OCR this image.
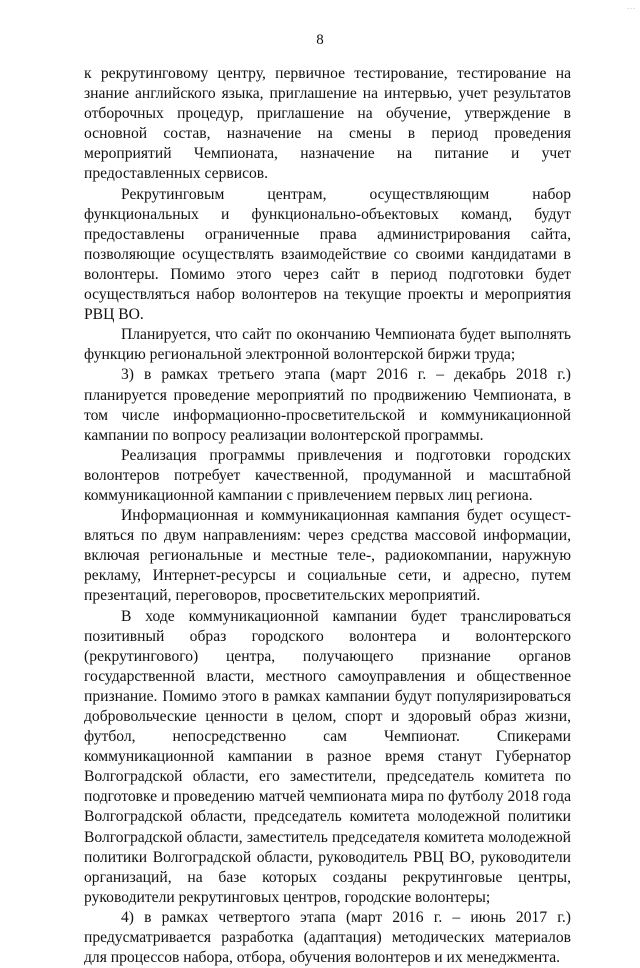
...
8

к рекрутинговому центру, первичное тестирование, тестирование на знание английского языка, приглашение на интервью, учет результатов отборочных процедур, приглашение на обучение, утверждение в основной состав, назначение на смены в период проведения мероприятий Чемпионата, назначение на питание и учет предоставленных сервисов.

Рекрутинговым центрам, осуществляющим набор функциональных и функционально-объектовых команд, будут предоставлены ограниченные права администрирования сайта, позволяющие осуществлять взаимодействие со своими кандидатами в волонтеры. Помимо этого через сайт в период подготовки будет осуществляться набор волонтеров на текущие проекты и мероприятия РВЦ ВО.

Планируется, что сайт по окончанию Чемпионата будет выполнять функцию региональной электронной волонтерской биржи труда;

3) в рамках третьего этапа (март 2016 г. – декабрь 2018 г.) планируется проведение мероприятий по продвижению Чемпионата, в том числе информационно-просветительской и коммуникационной кампании по вопросу реализации волонтерской программы.

Реализация программы привлечения и подготовки городских волонтеров потребует качественной, продуманной и масштабной коммуникационной кампании с привлечением первых лиц региона.

Информационная и коммуникационная кампания будет осуществляться по двум направлениям: через средства массовой информации, включая региональные и местные теле-, радиокомпании, наружную рекламу, Интернет-ресурсы и социальные сети, и адресно, путем презентаций, переговоров, просветительских мероприятий.

В ходе коммуникационной кампании будет транслироваться позитивный образ городского волонтера и волонтерского (рекрутингового) центра, получающего признание органов государственной власти, местного самоуправления и общественное признание. Помимо этого в рамках кампании будут популяризироваться добровольческие ценности в целом, спорт и здоровый образ жизни, футбол, непосредственно сам Чемпионат. Спикерами коммуникационной кампании в разное время станут Губернатор Волгоградской области, его заместители, председатель комитета по подготовке и проведению матчей чемпионата мира по футболу 2018 года Волгоградской области, председатель комитета молодежной политики Волгоградской области, заместитель председателя комитета молодежной политики Волгоградской области, руководитель РВЦ ВО, руководители организаций, на базе которых созданы рекрутинговые центры, руководители рекрутинговых центров, городские волонтеры;

4) в рамках четвертого этапа (март 2016 г. – июнь 2017 г.) предусматривается разработка (адаптация) методических материалов для процессов набора, отбора, обучения волонтеров и их менеджмента.
